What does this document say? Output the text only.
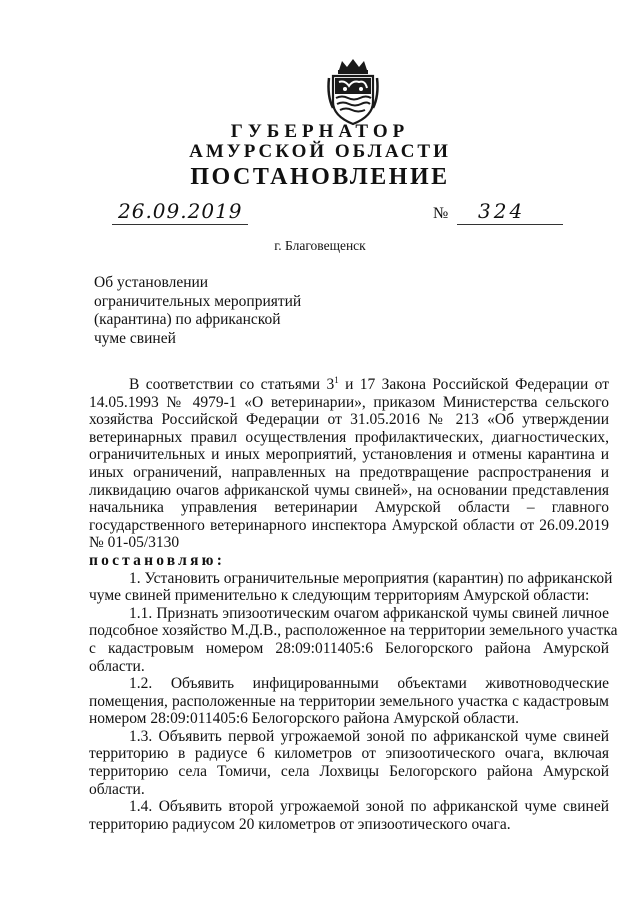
ГУБЕРНАТОР
АМУРСКОЙ ОБЛАСТИ
ПОСТАНОВЛЕНИЕ
26.09.2019	№ 324
г. Благовещенск
Об установлении
ограничительных мероприятий
(карантина) по африканской
чуме свиней
В соответствии со статьями $3^1$ и 17 Закона Российской Федерации от
14.05.1993 № 4979-1 «О ветеринарии», приказом Министерства сельского
хозяйства Российской Федерации от 31.05.2016 № 213 «Об утверждении
ветеринарных правил осуществления профилактических, диагностических,
ограничительных и иных мероприятий, установления и отмены карантина и
иных ограничений, направленных на предотвращение распространения и
ликвидацию очагов африканской чумы свиней», на основании представления
начальника управления ветеринарии Амурской области – главного
государственного ветеринарного инспектора Амурской области от 26.09.2019
№ 01-05/3130
постановляю:
1. Установить ограничительные мероприятия (карантин) по африканской
чуме свиней применительно к следующим территориям Амурской области:
1.1. Признать эпизоотическим очагом африканской чумы свиней личное
подсобное хозяйство М.Д.В., расположенное на территории земельного участка
с кадастровым номером 28:09:011405:6 Белогорского района Амурской
области.
1.2. Объявить инфицированными объектами животноводческие
помещения, расположенные на территории земельного участка с кадастровым
номером 28:09:011405:6 Белогорского района Амурской области.
1.3. Объявить первой угрожаемой зоной по африканской чуме свиней
территорию в радиусе 6 километров от эпизоотического очага, включая
территорию села Томичи, села Лохвицы Белогорского района Амурской
области.
1.4. Объявить второй угрожаемой зоной по африканской чуме свиней
территорию радиусом 20 километров от эпизоотического очага.
